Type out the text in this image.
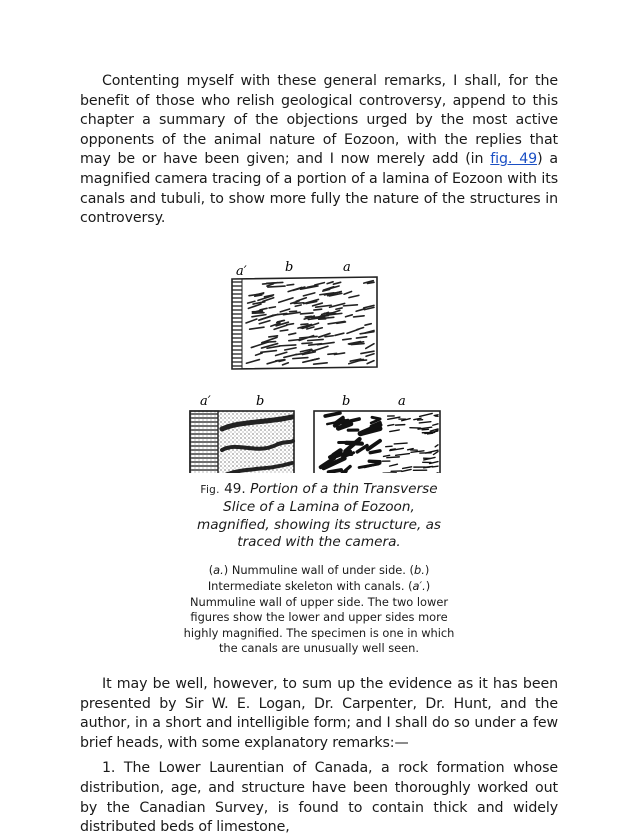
Contenting myself with these general remarks, I shall, for the benefit of those who relish geological controversy, append to this chapter a summary of the objections urged by the most active opponents of the animal nature of Eozoon, with the replies that may be or have been given; and I now merely add (in fig. 49) a magnified camera tracing of a portion of a lamina of Eozoon with its canals and tubuli, to show more fully the nature of the structures in controversy.

a′	b	a
a′	b	b	a
Fig. 49. Portion of a thin Transverse Slice of a Lamina of Eozoon, magnified, showing its structure, as traced with the camera.
(a.) Nummuline wall of under side. (b.) Intermediate skeleton with canals. (a′.) Nummuline wall of upper side. The two lower figures show the lower and upper sides more highly magnified. The specimen is one in which the canals are unusually well seen.

It may be well, however, to sum up the evidence as it has been presented by Sir W. E. Logan, Dr. Carpenter, Dr. Hunt, and the author, in a short and intelligible form; and I shall do so under a few brief heads, with some explanatory remarks:—

1. The Lower Laurentian of Canada, a rock formation whose distribution, age, and structure have been thoroughly worked out by the Canadian Survey, is found to contain thick and widely distributed beds of limestone,
